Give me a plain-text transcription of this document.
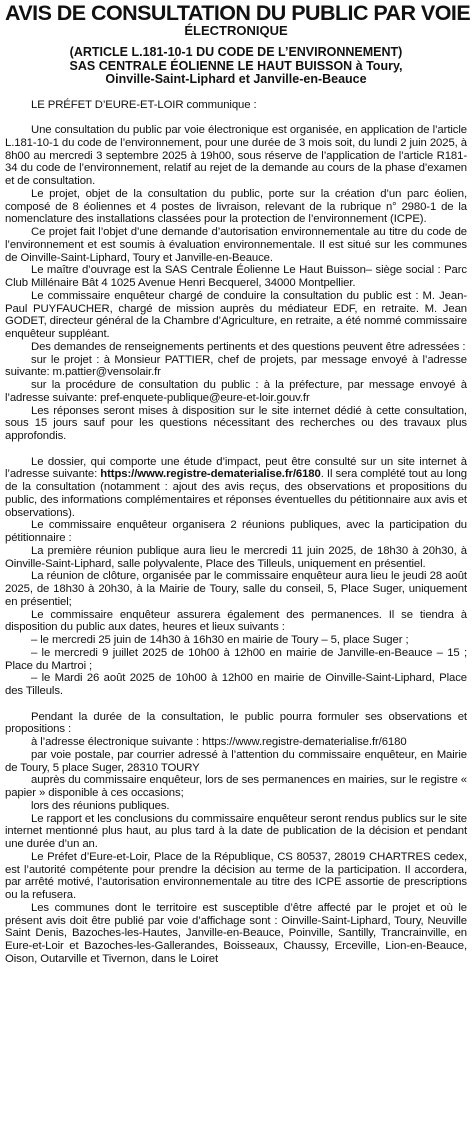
AVIS DE CONSULTATION DU PUBLIC PAR VOIE
ÉLECTRONIQUE
(ARTICLE L.181-10-1 DU CODE DE L’ENVIRONNEMENT)
SAS CENTRALE ÉOLIENNE LE HAUT BUISSON à Toury,
Oinville-Saint-Liphard et Janville-en-Beauce

LE PRÉFET D’EURE-ET-LOIR communique :

Une consultation du public par voie électronique est organisée, en application de l’article L.181-10-1 du code de l’environnement, pour une durée de 3 mois soit, du lundi 2 juin 2025, à 8h00 au mercredi 3 septembre 2025 à 19h00, sous réserve de l’application de l’article R181-34 du code de l’environnement, relatif au rejet de la demande au cours de la phase d’examen et de consultation.

Le projet, objet de la consultation du public, porte sur la création d’un parc éolien, composé de 8 éoliennes et 4 postes de livraison, relevant de la rubrique n° 2980-1 de la nomenclature des installations classées pour la protection de l’environnement (ICPE).

Ce projet fait l’objet d’une demande d’autorisation environnementale au titre du code de l’environnement et est soumis à évaluation environnementale. Il est situé sur les communes de Oinville-Saint-Liphard, Toury et Janville-en-Beauce.

Le maître d’ouvrage est la SAS Centrale Éolienne Le Haut Buisson– siège social : Parc Club Millénaire Bât 4 1025 Avenue Henri Becquerel, 34000 Montpellier.

Le commissaire enquêteur chargé de conduire la consultation du public est : M. Jean-Paul PUYFAUCHER, chargé de mission auprès du médiateur EDF, en retraite. M. Jean GODET, directeur général de la Chambre d’Agriculture, en retraite, a été nommé commissaire enquêteur suppléant.

Des demandes de renseignements pertinents et des questions peuvent être adressées :

sur le projet : à Monsieur PATTIER, chef de projets, par message envoyé à l’adresse suivante: m.pattier@vensolair.fr

sur la procédure de consultation du public : à la préfecture, par message envoyé à l’adresse suivante: pref-enquete-publique@eure-et-loir.gouv.fr

Les réponses seront mises à disposition sur le site internet dédié à cette consultation, sous 15 jours sauf pour les questions nécessitant des recherches ou des travaux plus approfondis.

Le dossier, qui comporte une étude d’impact, peut être consulté sur un site internet à l’adresse suivante: https://www.registre-dematerialise.fr/6180. Il sera complété tout au long de la consultation (notamment : ajout des avis reçus, des observations et propositions du public, des informations complémentaires et réponses éventuelles du pétitionnaire aux avis et observations).

Le commissaire enquêteur organisera 2 réunions publiques, avec la participation du pétitionnaire :

La première réunion publique aura lieu le mercredi 11 juin 2025, de 18h30 à 20h30, à Oinville-Saint-Liphard, salle polyvalente, Place des Tilleuls, uniquement en présentiel.

La réunion de clôture, organisée par le commissaire enquêteur aura lieu le jeudi 28 août 2025, de 18h30 à 20h30, à la Mairie de Toury, salle du conseil, 5, Place Suger, uniquement en présentiel;

Le commissaire enquêteur assurera également des permanences. Il se tiendra à disposition du public aux dates, heures et lieux suivants :

– le mercredi 25 juin de 14h30 à 16h30 en mairie de Toury – 5, place Suger ;

– le mercredi 9 juillet 2025 de 10h00 à 12h00 en mairie de Janville-en-Beauce – 15 ; Place du Martroi ;

– le Mardi 26 août 2025 de 10h00 à 12h00 en mairie de Oinville-Saint-Liphard, Place des Tilleuls.

Pendant la durée de la consultation, le public pourra formuler ses observations et propositions :

à l’adresse électronique suivante : https://www.registre-dematerialise.fr/6180

par voie postale, par courrier adressé à l’attention du commissaire enquêteur, en Mairie de Toury, 5 place Suger, 28310 TOURY

auprès du commissaire enquêteur, lors de ses permanences en mairies, sur le registre « papier » disponible à ces occasions;

lors des réunions publiques.

Le rapport et les conclusions du commissaire enquêteur seront rendus publics sur le site internet mentionné plus haut, au plus tard à la date de publication de la décision et pendant une durée d’un an.

Le Préfet d’Eure-et-Loir, Place de la République, CS 80537, 28019 CHARTRES cedex, est l’autorité compétente pour prendre la décision au terme de la participation. Il accordera, par arrêté motivé, l’autorisation environnementale au titre des ICPE assortie de prescriptions ou la refusera.

Les communes dont le territoire est susceptible d’être affecté par le projet et où le présent avis doit être publié par voie d’affichage sont : Oinville-Saint-Liphard, Toury, Neuville Saint Denis, Bazoches-les-Hautes, Janville-en-Beauce, Poinville, Santilly, Trancrainville, en Eure-et-Loir et Bazoches-les-Gallerandes, Boisseaux, Chaussy, Erceville, Lion-en-Beauce, Oison, Outarville et Tivernon, dans le Loiret
